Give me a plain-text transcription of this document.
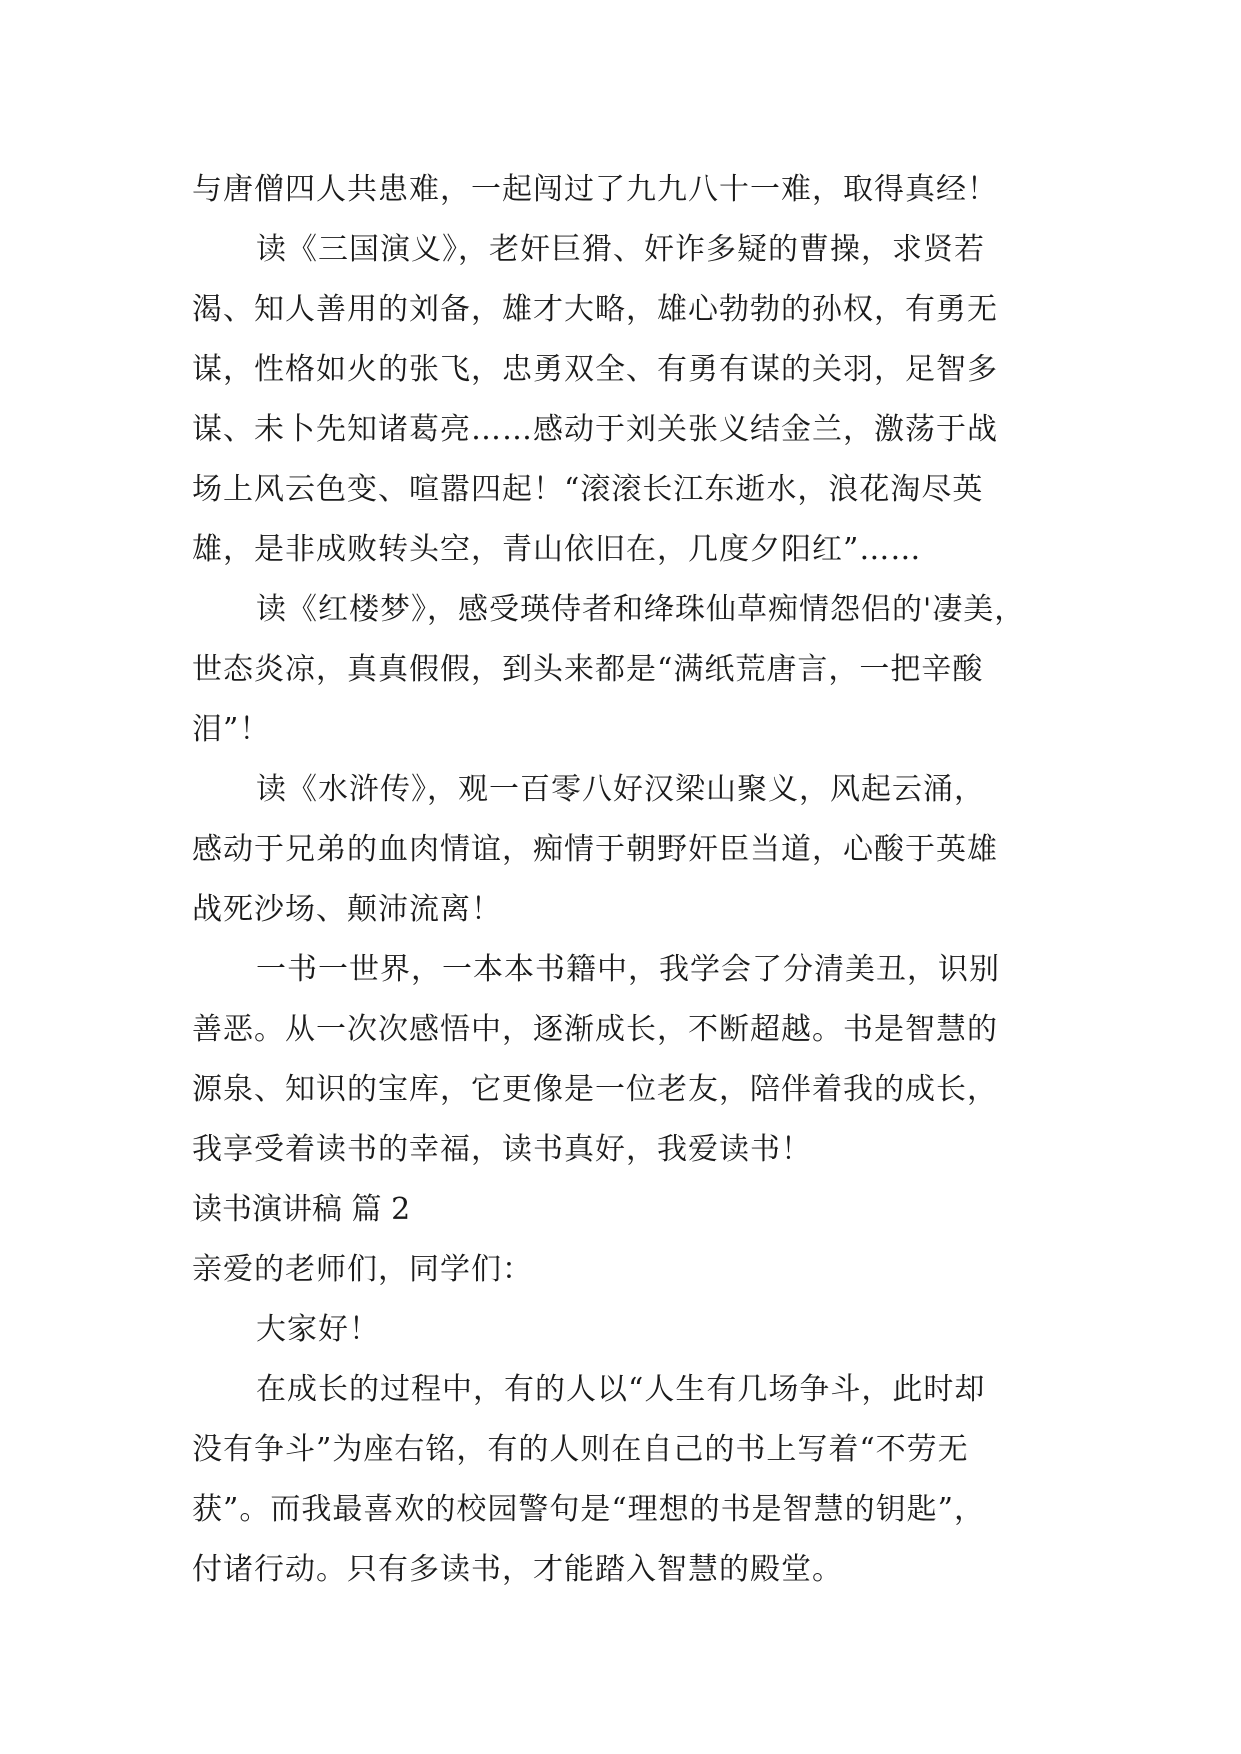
与唐僧四人共患难，一起闯过了九九八十一难，取得真经！
读《三国演义》，老奸巨猾、奸诈多疑的曹操，求贤若
渴、知人善用的刘备，雄才大略，雄心勃勃的孙权，有勇无
谋，性格如火的张飞，忠勇双全、有勇有谋的关羽，足智多
谋、未卜先知诸葛亮……感动于刘关张义结金兰，激荡于战
场上风云色变、喧嚣四起！“滚滚长江东逝水，浪花淘尽英
雄，是非成败转头空，青山依旧在，几度夕阳红”……
读《红楼梦》，感受瑛侍者和绛珠仙草痴情怨侣的'凄美，
世态炎凉，真真假假，到头来都是“满纸荒唐言，一把辛酸
泪”！
读《水浒传》，观一百零八好汉梁山聚义，风起云涌，
感动于兄弟的血肉情谊，痴情于朝野奸臣当道，心酸于英雄
战死沙场、颠沛流离！
一书一世界，一本本书籍中，我学会了分清美丑，识别
善恶。从一次次感悟中，逐渐成长，不断超越。书是智慧的
源泉、知识的宝库，它更像是一位老友，陪伴着我的成长，
我享受着读书的幸福，读书真好，我爱读书！
读书演讲稿 篇 2
亲爱的老师们，同学们：
大家好！
在成长的过程中，有的人以“人生有几场争斗，此时却
没有争斗”为座右铭，有的人则在自己的书上写着“不劳无
获”。而我最喜欢的校园警句是“理想的书是智慧的钥匙”，
付诸行动。只有多读书，才能踏入智慧的殿堂。
